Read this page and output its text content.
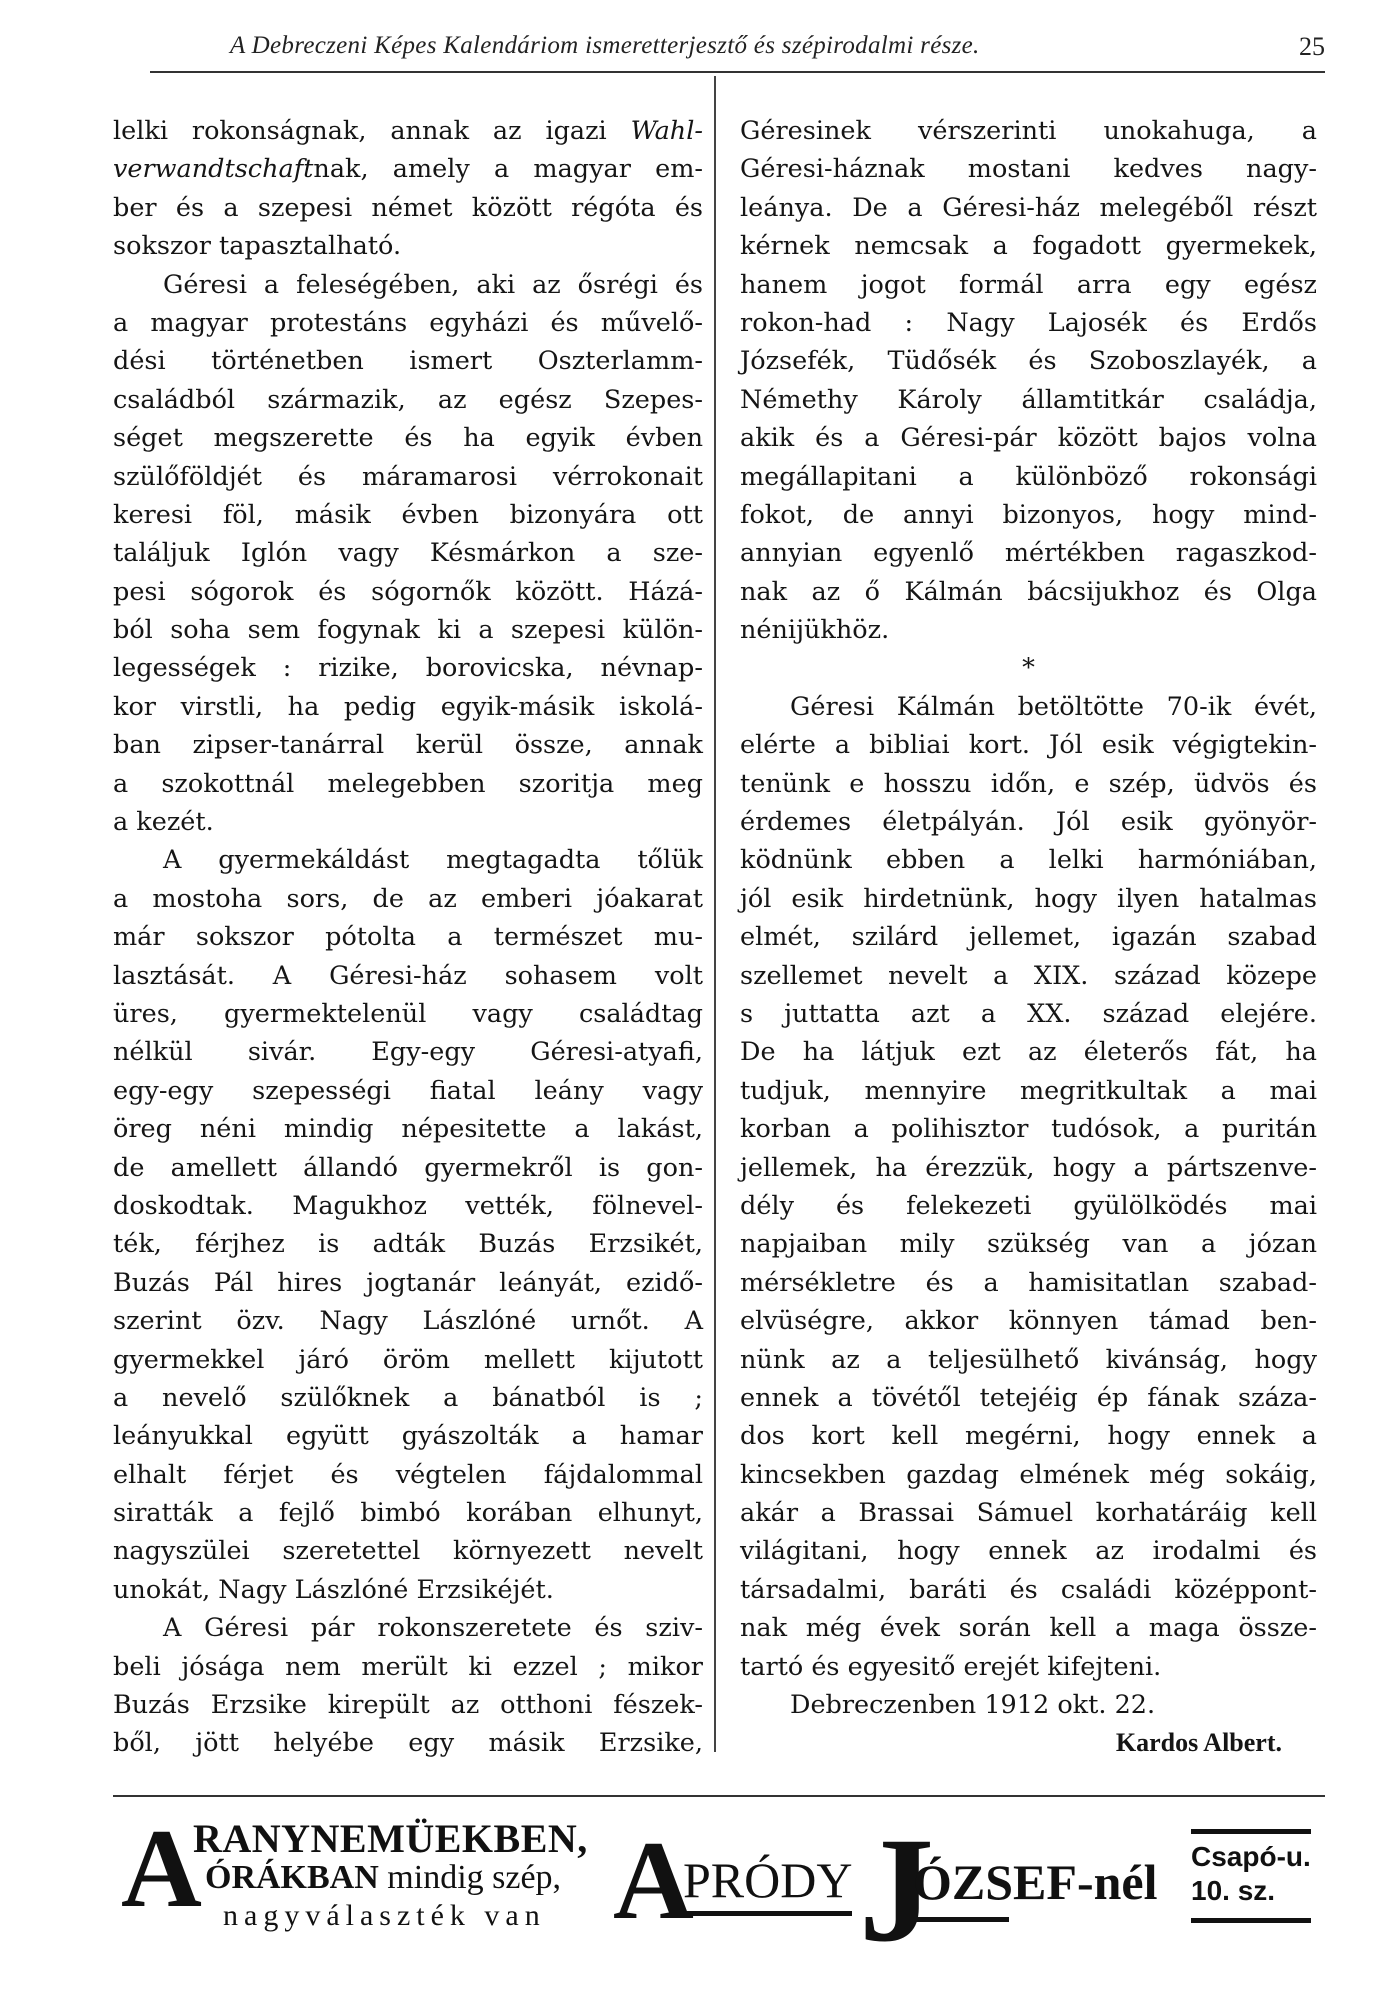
A Debreczeni Képes Kalendáriom ismeretterjesztő és szépirodalmi része.	25
lelki rokonságnak, annak az igazi Wahl-
verwandtschaftnak, amely a magyar em-
ber és a szepesi német között régóta és
sokszor tapasztalható.
Géresi a feleségében, aki az ősrégi és
a magyar protestáns egyházi és művelő-
dési történetben ismert Oszterlamm-
családból származik, az egész Szepes-
séget megszerette és ha egyik évben
szülőföldjét és máramarosi vérrokonait
keresi föl, másik évben bizonyára ott
találjuk Iglón vagy Késmárkon a sze-
pesi sógorok és sógornők között. Házá-
ból soha sem fogynak ki a szepesi külön-
legességek : rizike, borovicska, névnap-
kor virstli, ha pedig egyik-másik iskolá-
ban zipser-tanárral kerül össze, annak
a szokottnál melegebben szoritja meg
a kezét.
A gyermekáldást megtagadta tőlük
a mostoha sors, de az emberi jóakarat
már sokszor pótolta a természet mu-
lasztását. A Géresi-ház sohasem volt
üres, gyermektelenül vagy családtag
nélkül sivár. Egy-egy Géresi-atyafi,
egy-egy szepességi fiatal leány vagy
öreg néni mindig népesitette a lakást,
de amellett állandó gyermekről is gon-
doskodtak. Magukhoz vették, fölnevel-
ték, férjhez is adták Buzás Erzsikét,
Buzás Pál hires jogtanár leányát, ezidő-
szerint özv. Nagy Lászlóné urnőt. A
gyermekkel járó öröm mellett kijutott
a nevelő szülőknek a bánatból is ;
leányukkal együtt gyászolták a hamar
elhalt férjet és végtelen fájdalommal
siratták a fejlő bimbó korában elhunyt,
nagyszülei szeretettel környezett nevelt
unokát, Nagy Lászlóné Erzsikéjét.
A Géresi pár rokonszeretete és sziv-
beli jósága nem merült ki ezzel ; mikor
Buzás Erzsike kirepült az otthoni fészek-
ből, jött helyébe egy másik Erzsike,
Géresinek vérszerinti unokahuga, a
Géresi-háznak mostani kedves nagy-
leánya. De a Géresi-ház melegéből részt
kérnek nemcsak a fogadott gyermekek,
hanem jogot formál arra egy egész
rokon-had : Nagy Lajosék és Erdős
Józsefék, Tüdősék és Szoboszlayék, a
Némethy Károly államtitkár családja,
akik és a Géresi-pár között bajos volna
megállapitani a különböző rokonsági
fokot, de annyi bizonyos, hogy mind-
annyian egyenlő mértékben ragaszkod-
nak az ő Kálmán bácsijukhoz és Olga
nénijükhöz.
*
Géresi Kálmán betöltötte 70-ik évét,
elérte a bibliai kort. Jól esik végigtekin-
tenünk e hosszu időn, e szép, üdvös és
érdemes életpályán. Jól esik gyönyör-
ködnünk ebben a lelki harmóniában,
jól esik hirdetnünk, hogy ilyen hatalmas
elmét, szilárd jellemet, igazán szabad
szellemet nevelt a XIX. század közepe
s juttatta azt a XX. század elejére.
De ha látjuk ezt az életerős fát, ha
tudjuk, mennyire megritkultak a mai
korban a polihisztor tudósok, a puritán
jellemek, ha érezzük, hogy a pártszenve-
dély és felekezeti gyülölködés mai
napjaiban mily szükség van a józan
mérsékletre és a hamisitatlan szabad-
elvüségre, akkor könnyen támad ben-
nünk az a teljesülhető kivánság, hogy
ennek a tövétől tetejéig ép fának száza-
dos kort kell megérni, hogy ennek a
kincsekben gazdag elmének még sokáig,
akár a Brassai Sámuel korhatáráig kell
világitani, hogy ennek az irodalmi és
társadalmi, baráti és családi középpont-
nak még évek során kell a maga össze-
tartó és egyesitő erejét kifejteni.
Debreczenben 1912 okt. 22.
Kardos Albert.
A
RANYNEMÜEKBEN,
ÓRÁKBAN mindig szép,
nagyválaszték van A
PRÓDY J
ÓZSEF-nél Csapó-u.
10. sz.
